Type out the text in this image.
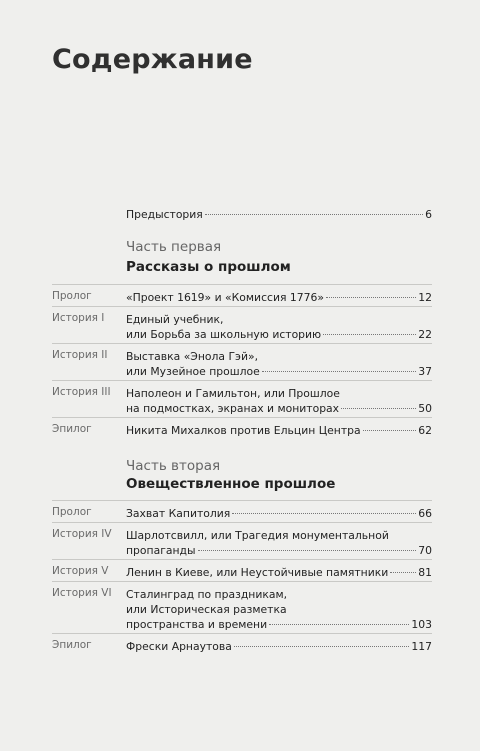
Содержание
Предыстория	6
Часть первая
Рассказы о прошлом
Пролог	«Проект 1619» и «Комиссия 1776»	12
История I Единый учебник,
или Борьба за школьную историю	22
История II Выставка «Энола Гэй»,
или Музейное прошлое	37
История III Наполеон и Гамильтон, или Прошлое
на подмостках, экранах и мониторах	50
Эпилог	Никита Михалков против Ельцин Центра	62
Часть вторая
Овеществленное прошлое
Пролог	Захват Капитолия	66
История IV Шарлотсвилл, или Трагедия монументальной
пропаганды	70
История V Ленин в Киеве, или Неустойчивые памятники	81
История VI Сталинград по праздникам,
или Историческая разметка
пространства и времени	103
Эпилог	Фрески Арнаутова	117
